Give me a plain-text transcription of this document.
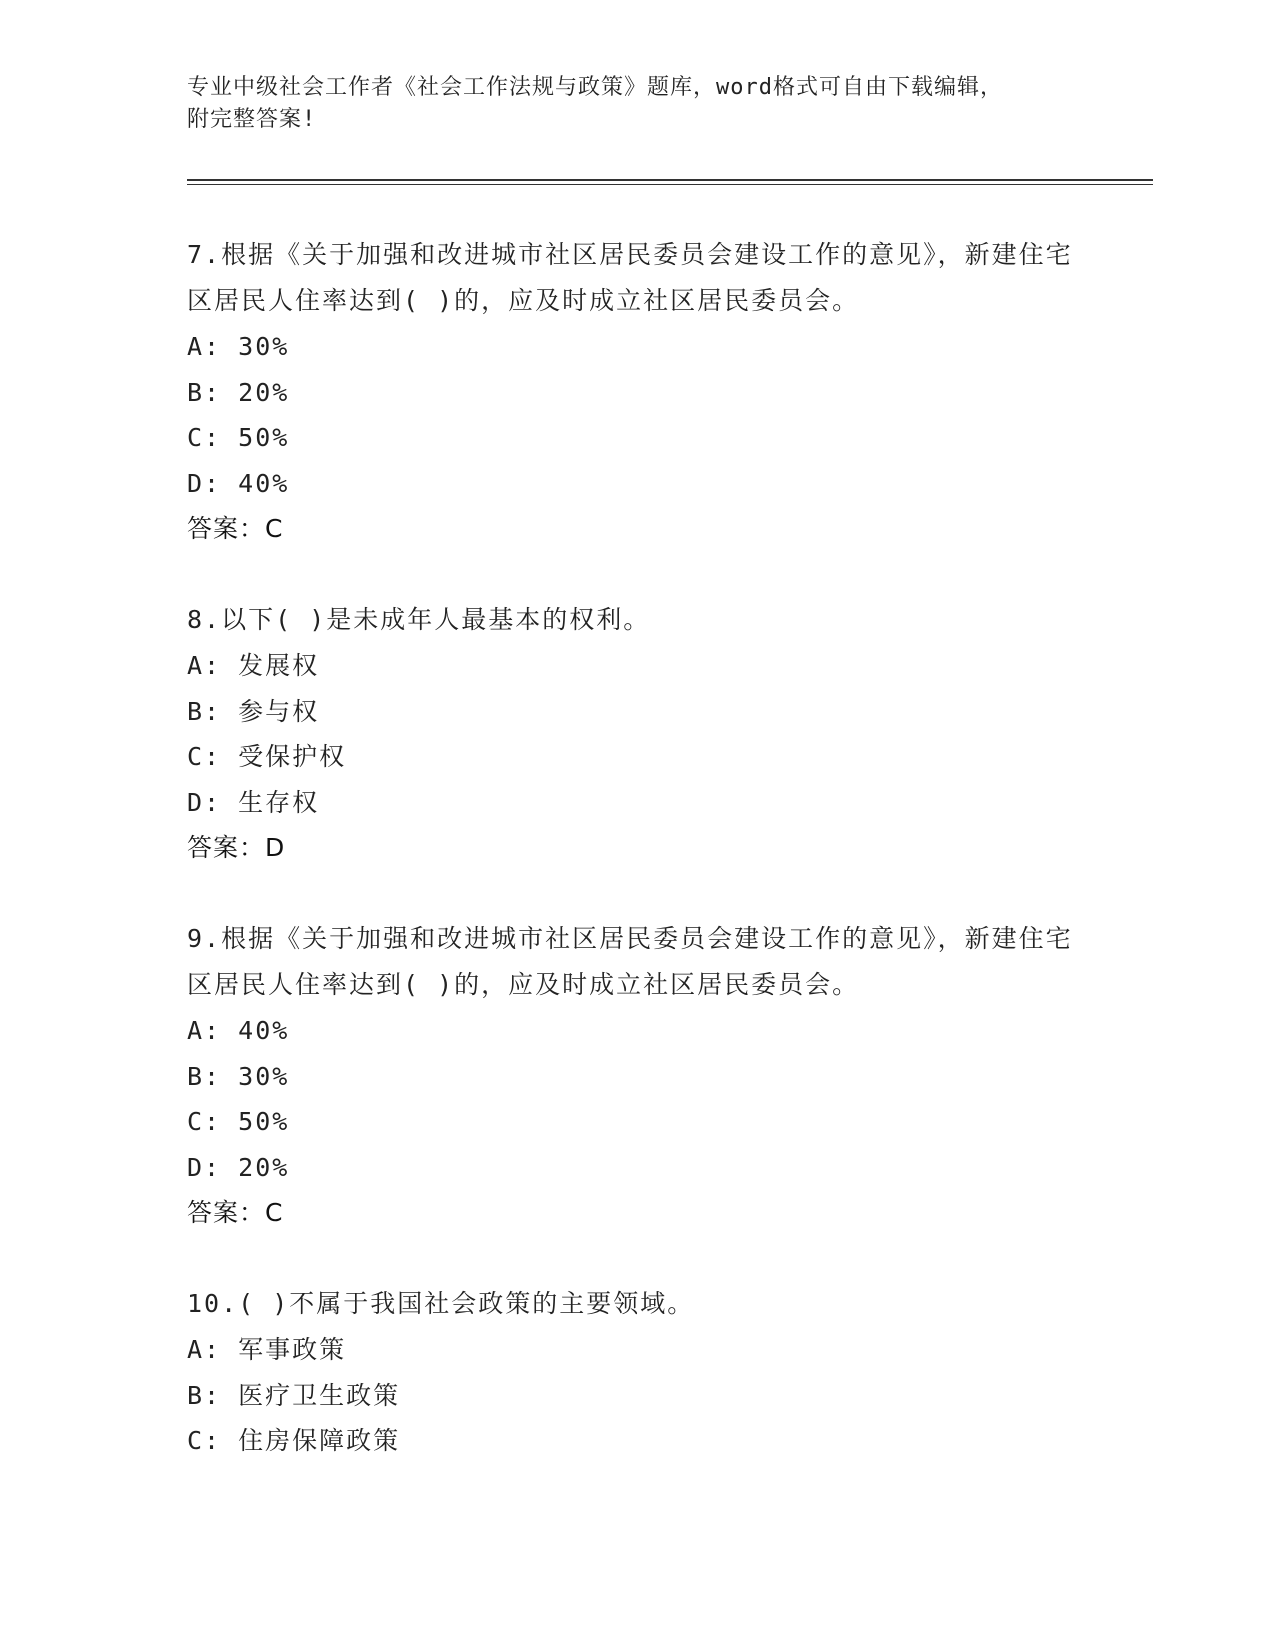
专业中级社会工作者《社会工作法规与政策》题库，word格式可自由下载编辑，
附完整答案!

7.根据《关于加强和改进城市社区居民委员会建设工作的意见》，新建住宅区居民人住率达到( )的，应及时成立社区居民委员会。

A: 30%

B: 20%

C: 50%

D: 40%

答案：C

8.以下( )是未成年人最基本的权利。

A: 发展权

B: 参与权

C: 受保护权

D: 生存权

答案：D

9.根据《关于加强和改进城市社区居民委员会建设工作的意见》，新建住宅区居民人住率达到( )的，应及时成立社区居民委员会。

A: 40%

B: 30%

C: 50%

D: 20%

答案：C

10.( )不属于我国社会政策的主要领域。

A: 军事政策

B: 医疗卫生政策

C: 住房保障政策
